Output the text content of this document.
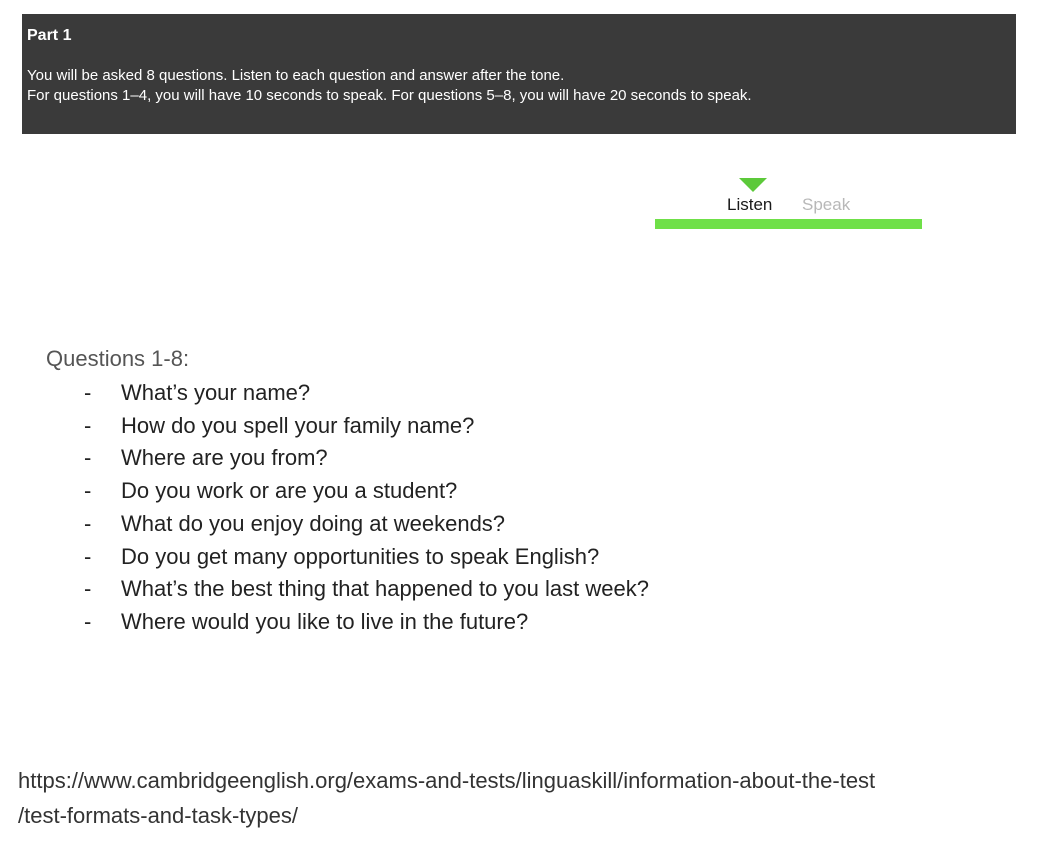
Part 1

You will be asked 8 questions. Listen to each question and answer after the tone.

For questions 1–4, you will have 10 seconds to speak. For questions 5–8, you will have 20 seconds to speak.

Listen Speak

Questions 1-8:

- What’s your name?
- How do you spell your family name?
- Where are you from?
- Do you work or are you a student?
- What do you enjoy doing at weekends?
- Do you get many opportunities to speak English?
- What’s the best thing that happened to you last week?
- Where would you like to live in the future?
https://www.cambridgeenglish.org/exams-and-tests/linguaskill/information-about-the-test
/test-formats-and-task-types/
